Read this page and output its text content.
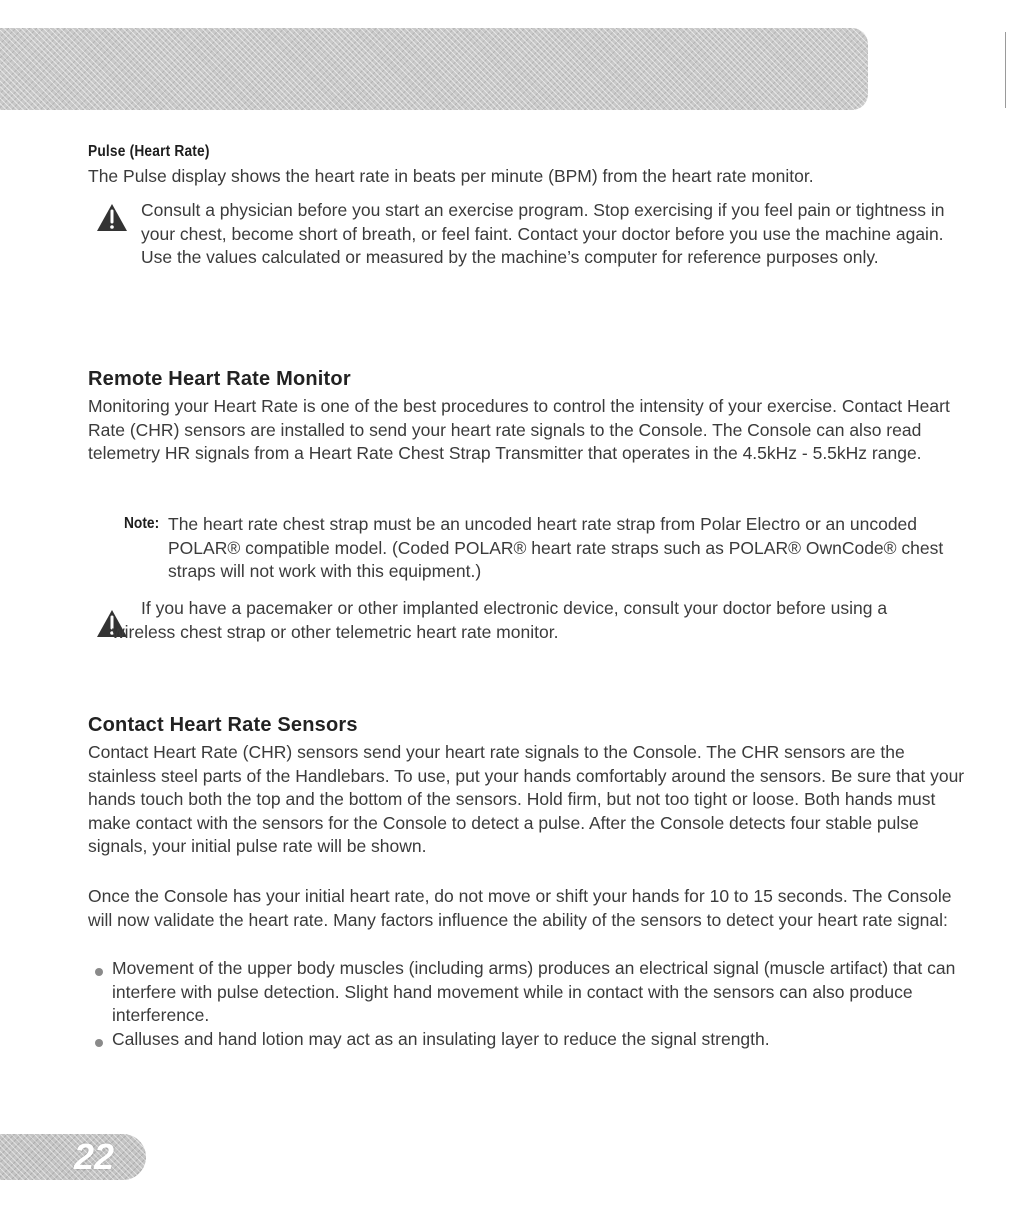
Pulse (Heart Rate)

The Pulse display shows the heart rate in beats per minute (BPM) from the heart rate monitor.

Consult a physician before you start an exercise program. Stop exercising if you feel pain or tightness in your chest, become short of breath, or feel faint. Contact your doctor before you use the machine again. Use the values calculated or measured by the machine’s computer for reference purposes only.

Remote Heart Rate Monitor

Monitoring your Heart Rate is one of the best procedures to control the intensity of your exercise. Contact Heart Rate (CHR) sensors are installed to send your heart rate signals to the Console. The Console can also read telemetry HR signals from a Heart Rate Chest Strap Transmitter that operates in the 4.5kHz - 5.5kHz range.

Note: The heart rate chest strap must be an uncoded heart rate strap from Polar Electro or an uncoded POLAR® compatible model. (Coded POLAR® heart rate straps such as POLAR® OwnCode® chest straps will not work with this equipment.)

If you have a pacemaker or other implanted electronic device, consult your doctor before using a wireless chest strap or other telemetric heart rate monitor.

Contact Heart Rate Sensors

Contact Heart Rate (CHR) sensors send your heart rate signals to the Console. The CHR sensors are the stainless steel parts of the Handlebars. To use, put your hands comfortably around the sensors. Be sure that your hands touch both the top and the bottom of the sensors. Hold firm, but not too tight or loose. Both hands must make contact with the sensors for the Console to detect a pulse. After the Console detects four stable pulse signals, your initial pulse rate will be shown.

Once the Console has your initial heart rate, do not move or shift your hands for 10 to 15 seconds. The Console will now validate the heart rate. Many factors influence the ability of the sensors to detect your heart rate signal:

Movement of the upper body muscles (including arms) produces an electrical signal (muscle artifact) that can interfere with pulse detection. Slight hand movement while in contact with the sensors can also produce interference.

Calluses and hand lotion may act as an insulating layer to reduce the signal strength.

22
